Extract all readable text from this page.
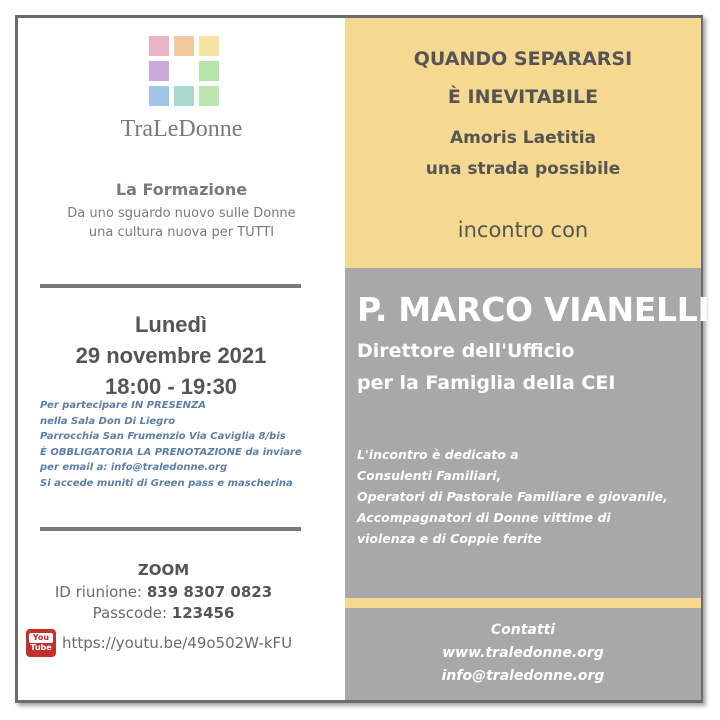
TraLeDonne
La Formazione
Da uno sguardo nuovo sulle Donne
una cultura nuova per TUTTI
Lunedì
29 novembre 2021
18:00 - 19:30
Per partecipare IN PRESENZA
nella Sala Don Di Liegro
Parrocchia San Frumenzio Via Caviglia 8/bis
È OBBLIGATORIA LA PRENOTAZIONE da inviare
per email a: info@traledonne.org
Si accede muniti di Green pass e mascherina
ZOOM
ID riunione: 839 8307 0823
Passcode: 123456
You
Tube https://youtu.be/49o502W-kFU
QUANDO SEPARARSI
È INEVITABILE
Amoris Laetitia
una strada possibile
incontro con
P. MARCO VIANELLI
Direttore dell'Ufficio
per la Famiglia della CEI
L'incontro è dedicato a
Consulenti Familiari,
Operatori di Pastorale Familiare e giovanile,
Accompagnatori di Donne vittime di
violenza e di Coppie ferite
Contatti
www.traledonne.org
info@traledonne.org
